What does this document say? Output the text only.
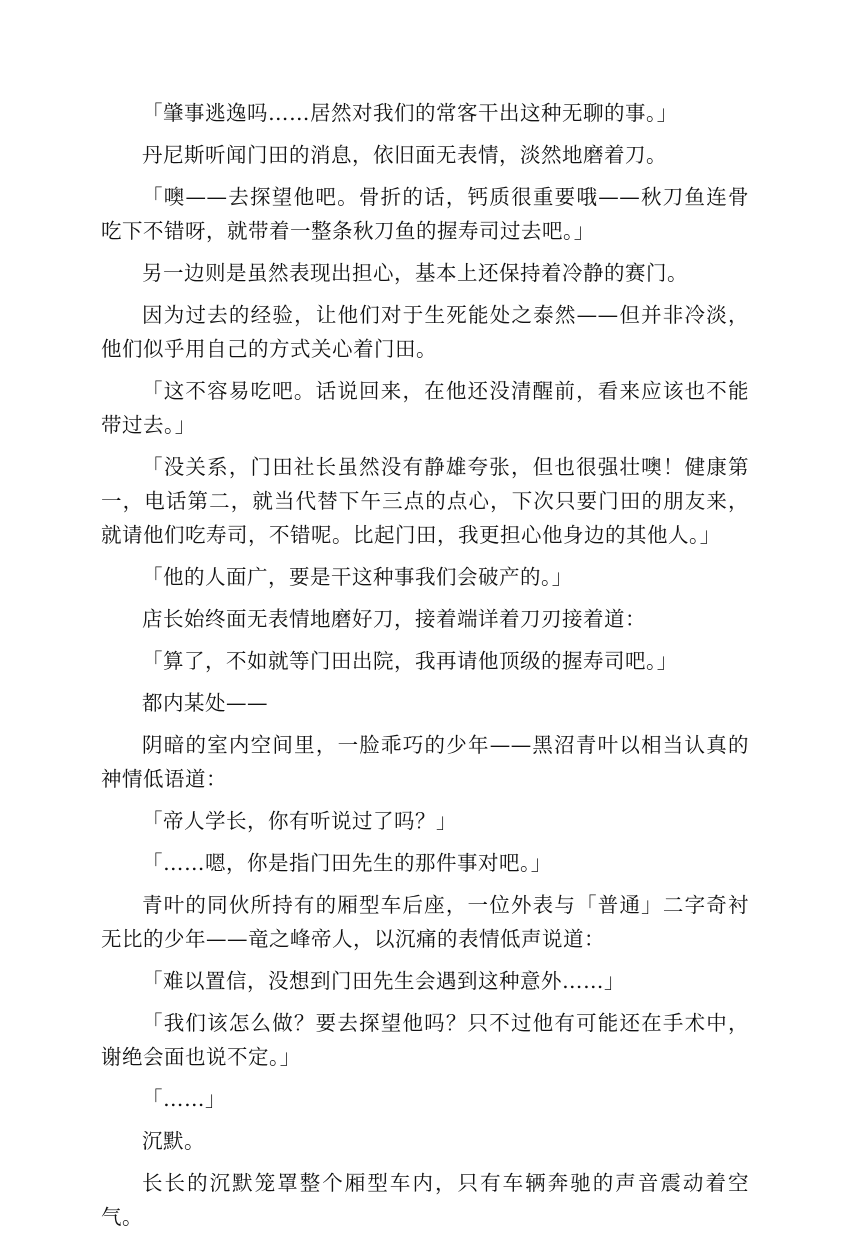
「肇事逃逸吗……居然对我们的常客干出这种无聊的事。」

丹尼斯听闻门田的消息，依旧面无表情，淡然地磨着刀。

「噢——去探望他吧。骨折的话，钙质很重要哦——秋刀鱼连骨吃下不错呀，就带着一整条秋刀鱼的握寿司过去吧。」

另一边则是虽然表现出担心，基本上还保持着冷静的赛门。

因为过去的经验，让他们对于生死能处之泰然——但并非冷淡，他们似乎用自己的方式关心着门田。

「这不容易吃吧。话说回来，在他还没清醒前，看来应该也不能带过去。」

「没关系，门田社长虽然没有静雄夸张，但也很强壮噢！健康第一，电话第二，就当代替下午三点的点心，下次只要门田的朋友来，就请他们吃寿司，不错呢。比起门田，我更担心他身边的其他人。」

「他的人面广，要是干这种事我们会破产的。」

店长始终面无表情地磨好刀，接着端详着刀刃接着道：

「算了，不如就等门田出院，我再请他顶级的握寿司吧。」

都内某处——

阴暗的室内空间里，一脸乖巧的少年——黑沼青叶以相当认真的神情低语道：

「帝人学长，你有听说过了吗？」

「……嗯，你是指门田先生的那件事对吧。」

青叶的同伙所持有的厢型车后座，一位外表与「普通」二字奇衬无比的少年——竜之峰帝人，以沉痛的表情低声说道：

「难以置信，没想到门田先生会遇到这种意外……」

「我们该怎么做？要去探望他吗？只不过他有可能还在手术中，谢绝会面也说不定。」

「……」

沉默。

长长的沉默笼罩整个厢型车内，只有车辆奔驰的声音震动着空气。
